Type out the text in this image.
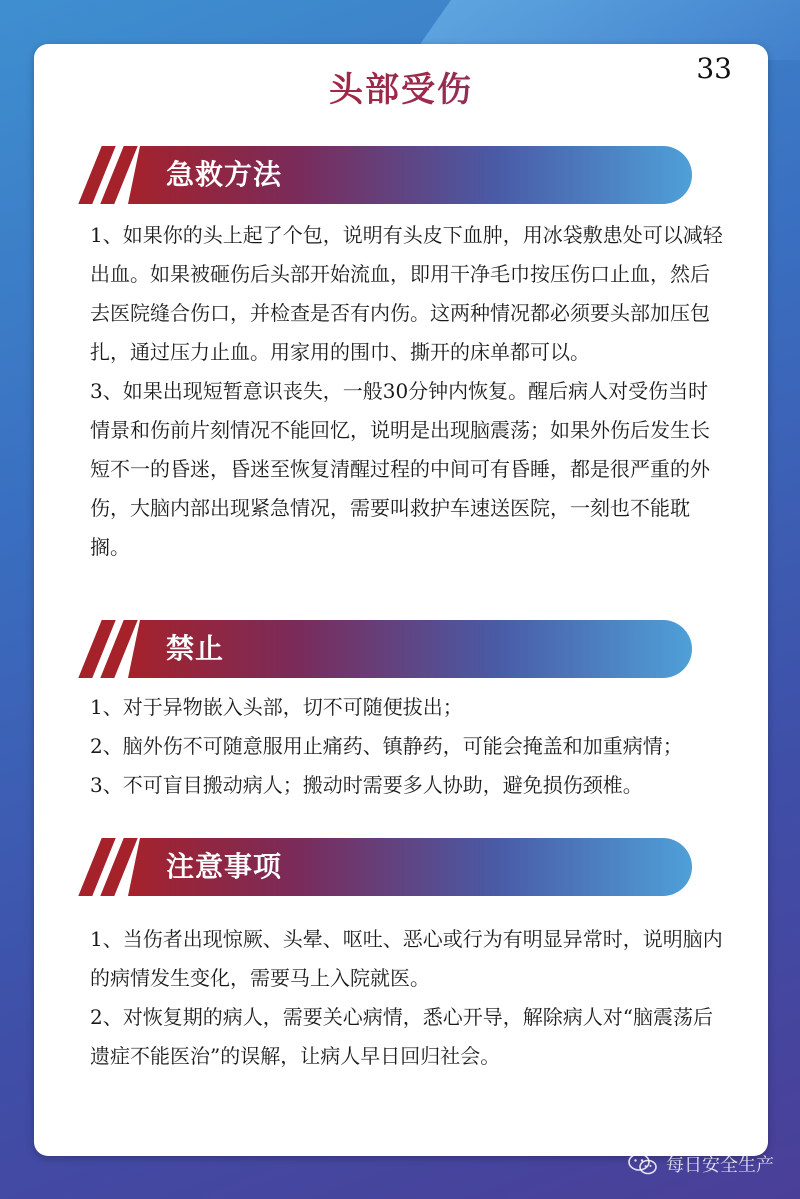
头部受伤
急救方法

1、如果你的头上起了个包，说明有头皮下血肿，用冰袋敷患处可以减轻出血。如果被砸伤后头部开始流血，即用干净毛巾按压伤口止血，然后去医院缝合伤口，并检查是否有内伤。这两种情况都必须要头部加压包扎，通过压力止血。用家用的围巾、撕开的床单都可以。

3、如果出现短暂意识丧失，一般30分钟内恢复。醒后病人对受伤当时情景和伤前片刻情况不能回忆，说明是出现脑震荡；如果外伤后发生长短不一的昏迷，昏迷至恢复清醒过程的中间可有昏睡，都是很严重的外伤，大脑内部出现紧急情况，需要叫救护车速送医院，一刻也不能耽搁。

禁止

1、对于异物嵌入头部，切不可随便拔出；

2、脑外伤不可随意服用止痛药、镇静药，可能会掩盖和加重病情；

3、不可盲目搬动病人；搬动时需要多人协助，避免损伤颈椎。

注意事项

1、当伤者出现惊厥、头晕、呕吐、恶心或行为有明显异常时，说明脑内的病情发生变化，需要马上入院就医。

2、对恢复期的病人，需要关心病情，悉心开导，解除病人对“脑震荡后遗症不能医治”的误解，让病人早日回归社会。

每日安全生产
